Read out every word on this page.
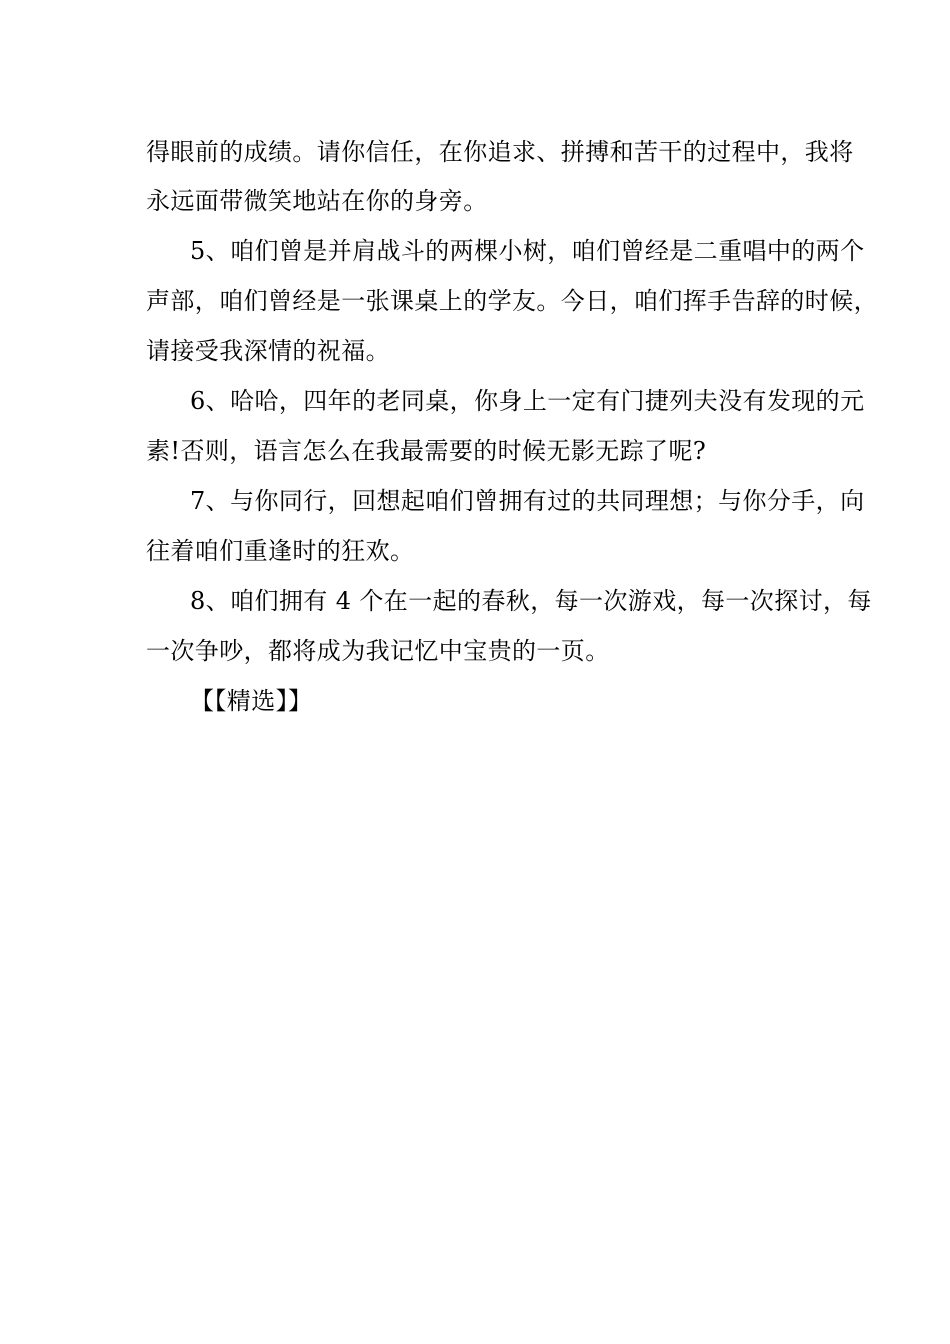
得眼前的成绩。请你信任，在你追求、拼搏和苦干的过程中，我将
永远面带微笑地站在你的身旁。
5、咱们曾是并肩战斗的两棵小树，咱们曾经是二重唱中的两个
声部，咱们曾经是一张课桌上的学友。今日，咱们挥手告辞的时候，
请接受我深情的祝福。
6、哈哈，四年的老同桌，你身上一定有门捷列夫没有发现的元
素!否则，语言怎么在我最需要的时候无影无踪了呢?
7、与你同行，回想起咱们曾拥有过的共同理想；与你分手，向
往着咱们重逢时的狂欢。
8、咱们拥有 4 个在一起的春秋，每一次游戏，每一次探讨，每
一次争吵，都将成为我记忆中宝贵的一页。
【【精选】】
